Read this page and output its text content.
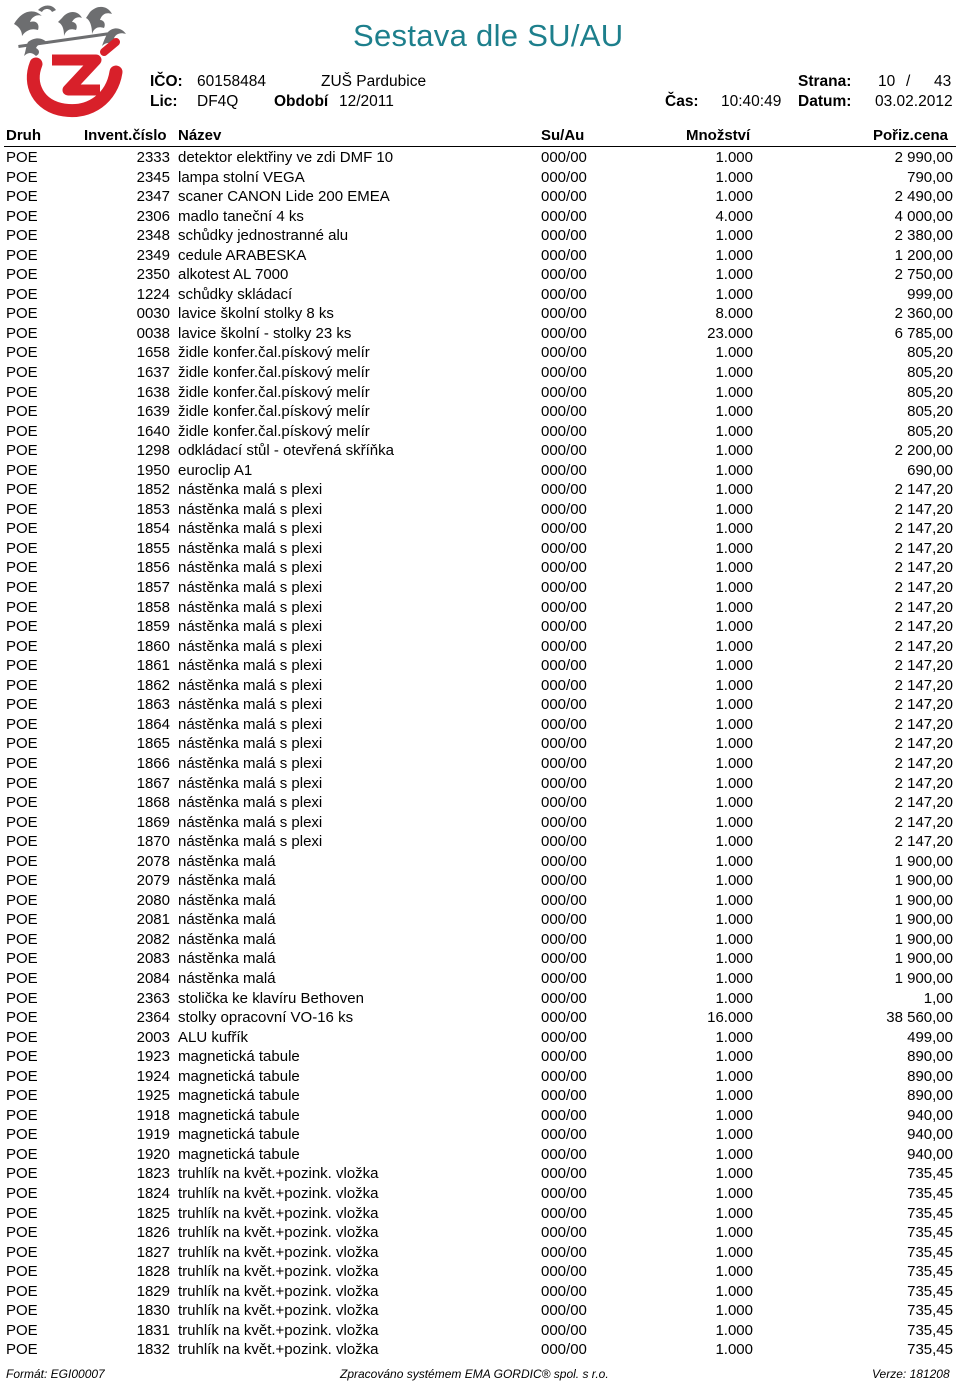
Sestava dle SU/AU
IČO: 60158484	ZUŠ Pardubice	Strana: 10 / 43
Lic: DF4Q Období 12/2011	Čas: 10:40:49 Datum: 03.02.2012
Druh	Invent.číslo Název	Su/Au	Množství	Pořiz.cena
POE	2333 detektor elektřiny ve zdi DMF 10	000/00	1.000	2 990,00
POE	2345 lampa stolní VEGA	000/00	1.000	790,00
POE	2347 scaner CANON Lide 200 EMEA	000/00	1.000	2 490,00
POE	2306 madlo taneční 4 ks	000/00	4.000	4 000,00
POE	2348 schůdky jednostranné alu	000/00	1.000	2 380,00
POE	2349 cedule ARABESKA	000/00	1.000	1 200,00
POE	2350 alkotest AL 7000	000/00	1.000	2 750,00
POE	1224 schůdky skládací	000/00	1.000	999,00
POE	0030 lavice školní stolky 8 ks	000/00	8.000	2 360,00
POE	0038 lavice školní - stolky 23 ks	000/00	23.000	6 785,00
POE	1658 židle konfer.čal.pískový melír	000/00	1.000	805,20
POE	1637 židle konfer.čal.pískový melír	000/00	1.000	805,20
POE	1638 židle konfer.čal.pískový melír	000/00	1.000	805,20
POE	1639 židle konfer.čal.pískový melír	000/00	1.000	805,20
POE	1640 židle konfer.čal.pískový melír	000/00	1.000	805,20
POE	1298 odkládací stůl - otevřená skříňka	000/00	1.000	2 200,00
POE	1950 euroclip A1	000/00	1.000	690,00
POE	1852 nástěnka malá s plexi	000/00	1.000	2 147,20
POE	1853 nástěnka malá s plexi	000/00	1.000	2 147,20
POE	1854 nástěnka malá s plexi	000/00	1.000	2 147,20
POE	1855 nástěnka malá s plexi	000/00	1.000	2 147,20
POE	1856 nástěnka malá s plexi	000/00	1.000	2 147,20
POE	1857 nástěnka malá s plexi	000/00	1.000	2 147,20
POE	1858 nástěnka malá s plexi	000/00	1.000	2 147,20
POE	1859 nástěnka malá s plexi	000/00	1.000	2 147,20
POE	1860 nástěnka malá s plexi	000/00	1.000	2 147,20
POE	1861 nástěnka malá s plexi	000/00	1.000	2 147,20
POE	1862 nástěnka malá s plexi	000/00	1.000	2 147,20
POE	1863 nástěnka malá s plexi	000/00	1.000	2 147,20
POE	1864 nástěnka malá s plexi	000/00	1.000	2 147,20
POE	1865 nástěnka malá s plexi	000/00	1.000	2 147,20
POE	1866 nástěnka malá s plexi	000/00	1.000	2 147,20
POE	1867 nástěnka malá s plexi	000/00	1.000	2 147,20
POE	1868 nástěnka malá s plexi	000/00	1.000	2 147,20
POE	1869 nástěnka malá s plexi	000/00	1.000	2 147,20
POE	1870 nástěnka malá s plexi	000/00	1.000	2 147,20
POE	2078 nástěnka malá	000/00	1.000	1 900,00
POE	2079 nástěnka malá	000/00	1.000	1 900,00
POE	2080 nástěnka malá	000/00	1.000	1 900,00
POE	2081 nástěnka malá	000/00	1.000	1 900,00
POE	2082 nástěnka malá	000/00	1.000	1 900,00
POE	2083 nástěnka malá	000/00	1.000	1 900,00
POE	2084 nástěnka malá	000/00	1.000	1 900,00
POE	2363 stolička ke klavíru Bethoven	000/00	1.000	1,00
POE	2364 stolky opracovní VO-16 ks	000/00	16.000	38 560,00
POE	2003 ALU kufřík	000/00	1.000	499,00
POE	1923 magnetická tabule	000/00	1.000	890,00
POE	1924 magnetická tabule	000/00	1.000	890,00
POE	1925 magnetická tabule	000/00	1.000	890,00
POE	1918 magnetická tabule	000/00	1.000	940,00
POE	1919 magnetická tabule	000/00	1.000	940,00
POE	1920 magnetická tabule	000/00	1.000	940,00
POE	1823 truhlík na květ.+pozink. vložka	000/00	1.000	735,45
POE	1824 truhlík na květ.+pozink. vložka	000/00	1.000	735,45
POE	1825 truhlík na květ.+pozink. vložka	000/00	1.000	735,45
POE	1826 truhlík na květ.+pozink. vložka	000/00	1.000	735,45
POE	1827 truhlík na květ.+pozink. vložka	000/00	1.000	735,45
POE	1828 truhlík na květ.+pozink. vložka	000/00	1.000	735,45
POE	1829 truhlík na květ.+pozink. vložka	000/00	1.000	735,45
POE	1830 truhlík na květ.+pozink. vložka	000/00	1.000	735,45
POE	1831 truhlík na květ.+pozink. vložka	000/00	1.000	735,45
POE	1832 truhlík na květ.+pozink. vložka	000/00	1.000	735,45
Formát: EGI00007	Zpracováno systémem EMA GORDIC® spol. s r.o.	Verze: 181208
